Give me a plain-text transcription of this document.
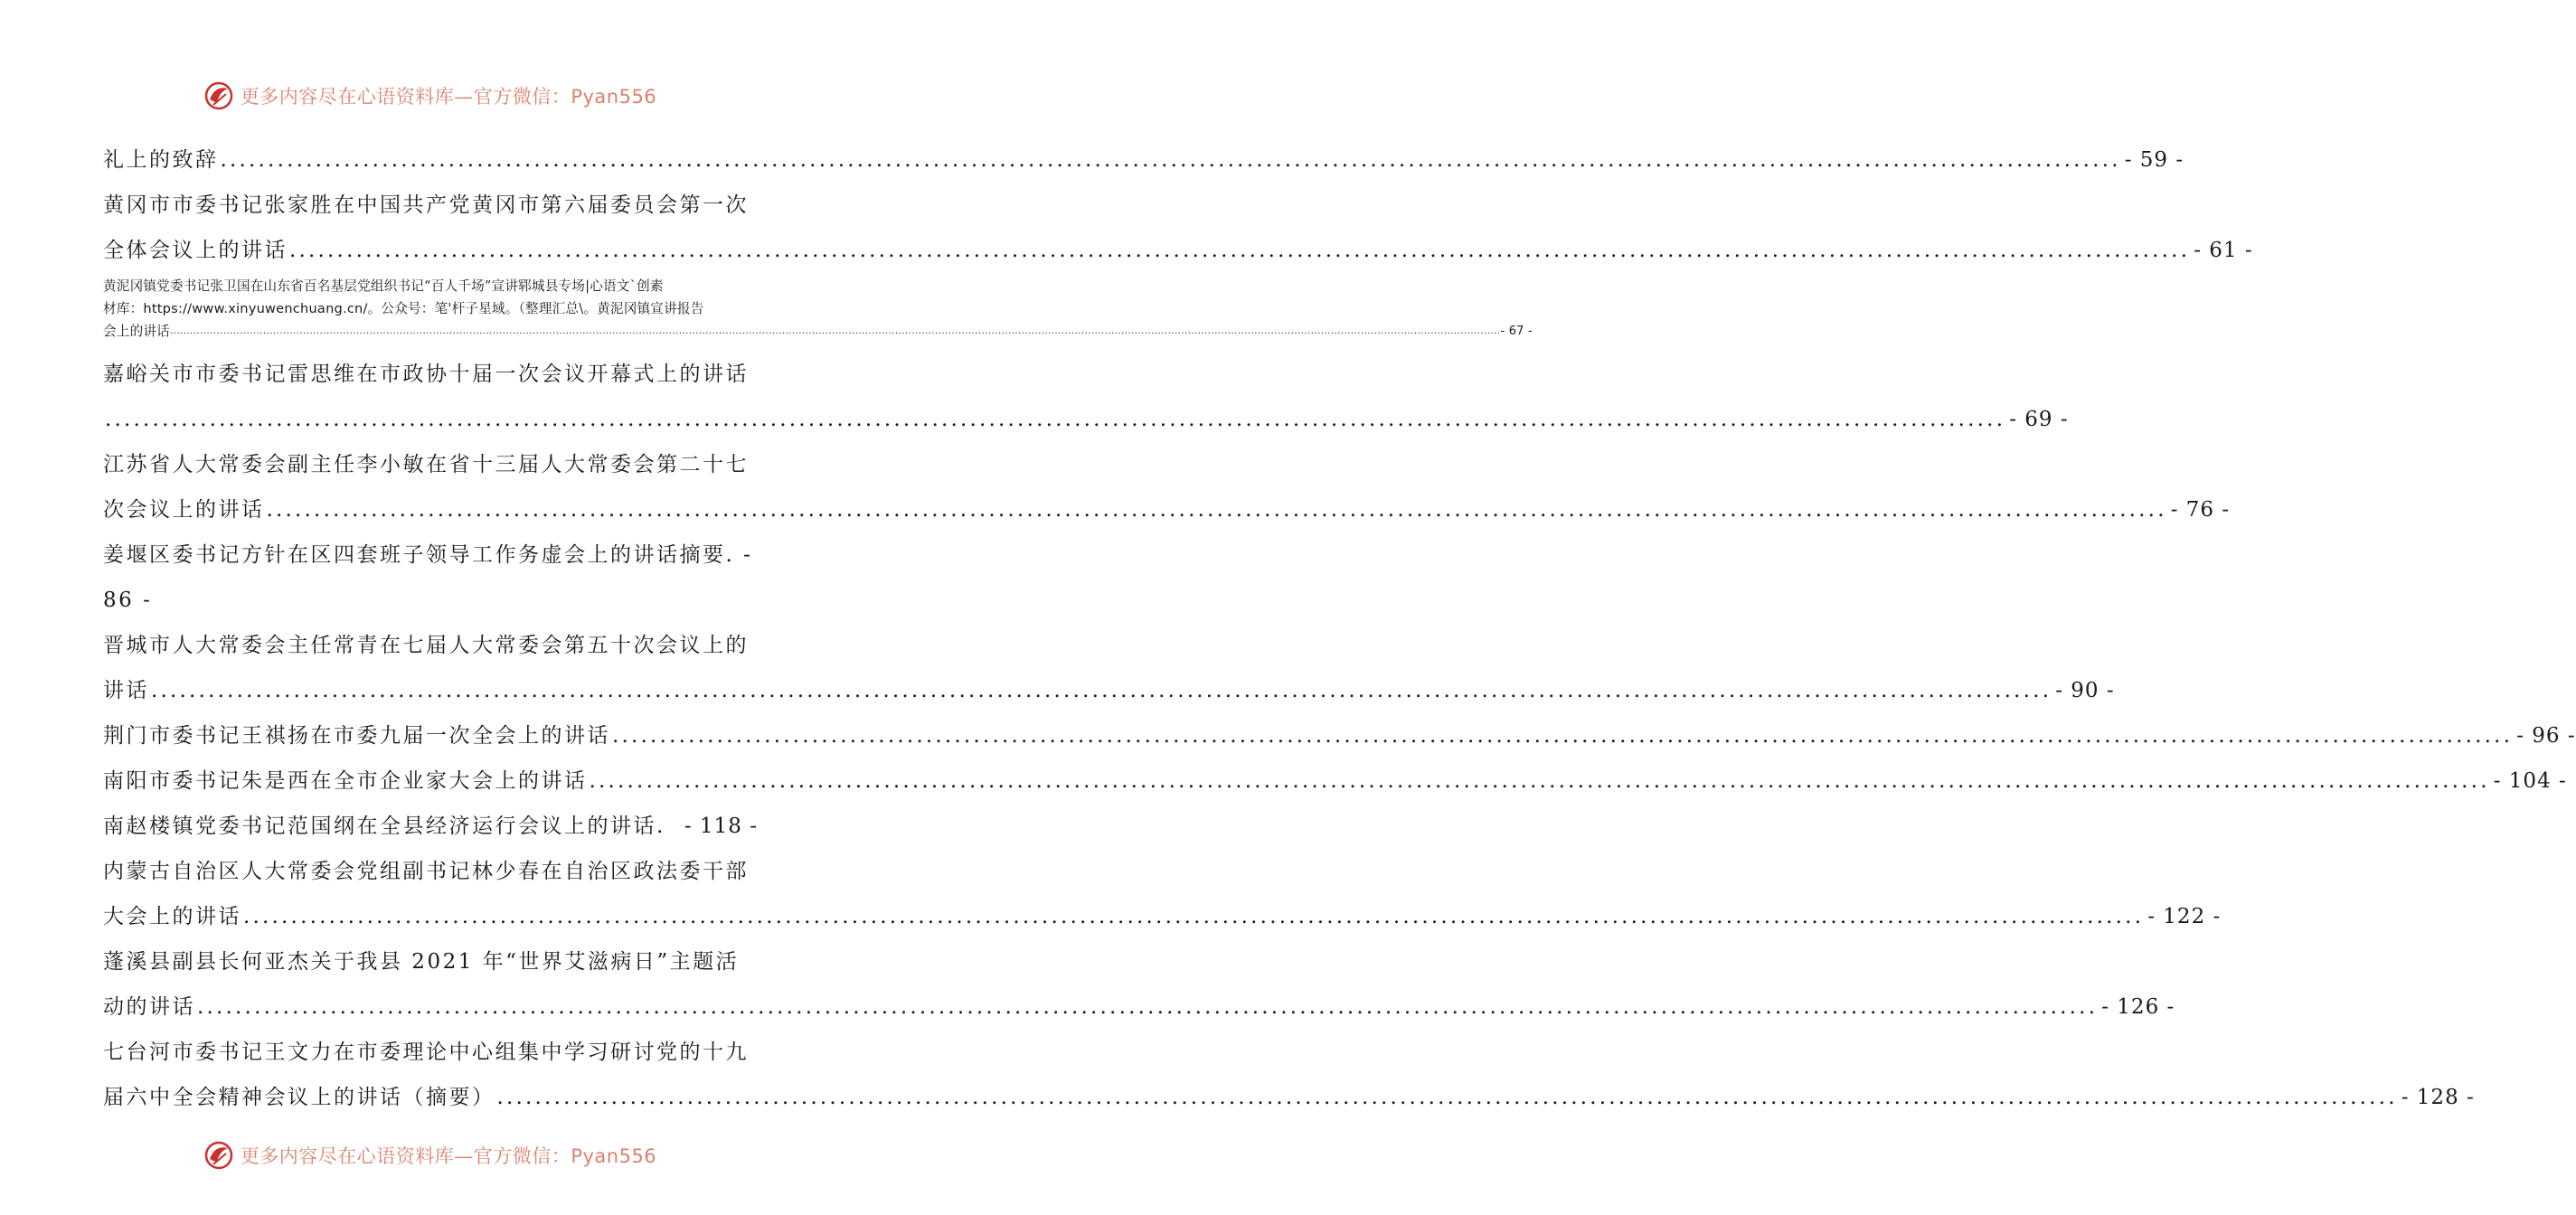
更多内容尽在心语资料库—官方微信：Pyan556
礼上的致辞 ........................................................................................................................................................................................................ - 59 -
黄冈市市委书记张家胜在中国共产党黄冈市第六届委员会第一次
全体会议上的讲话 ........................................................................................................................................................................................................ - 61 -
黄泥冈镇党委书记张卫国在山东省百名基层党组织书记“百人千场”宣讲郓城县专场|心语文`创素
材库：https://www.xinyuwenchuang.cn/。公众号：笔'杆子星域。（整理汇总\。黄泥冈镇宣讲报告
会上的讲话 ................................................................................................................................................................................................................................................................................................................................................................................................................ - 67 -
嘉峪关市市委书记雷思维在市政协十届一次会议开幕式上的讲话
........................................................................................................................................................................................................ - 69 -
江苏省人大常委会副主任李小敏在省十三届人大常委会第二十七
次会议上的讲话 ........................................................................................................................................................................................................ - 76 -
姜堰区委书记方针在区四套班子领导工作务虚会上的讲话摘要. -
86 -
晋城市人大常委会主任常青在七届人大常委会第五十次会议上的
讲话 ........................................................................................................................................................................................................ - 90 -
荆门市委书记王祺扬在市委九届一次全会上的讲话 ........................................................................................................................................................................................................ - 96 -
南阳市委书记朱是西在全市企业家大会上的讲话 ........................................................................................................................................................................................................ - 104 -
南赵楼镇党委书记范国纲在全县经济运行会议上的讲话. - 118 -
内蒙古自治区人大常委会党组副书记林少春在自治区政法委干部
大会上的讲话 ........................................................................................................................................................................................................ - 122 -
蓬溪县副县长何亚杰关于我县 2021 年“世界艾滋病日”主题活
动的讲话 ........................................................................................................................................................................................................ - 126 -
七台河市委书记王文力在市委理论中心组集中学习研讨党的十九
届六中全会精神会议上的讲话（摘要） ........................................................................................................................................................................................................ - 128 -
更多内容尽在心语资料库—官方微信：Pyan556
